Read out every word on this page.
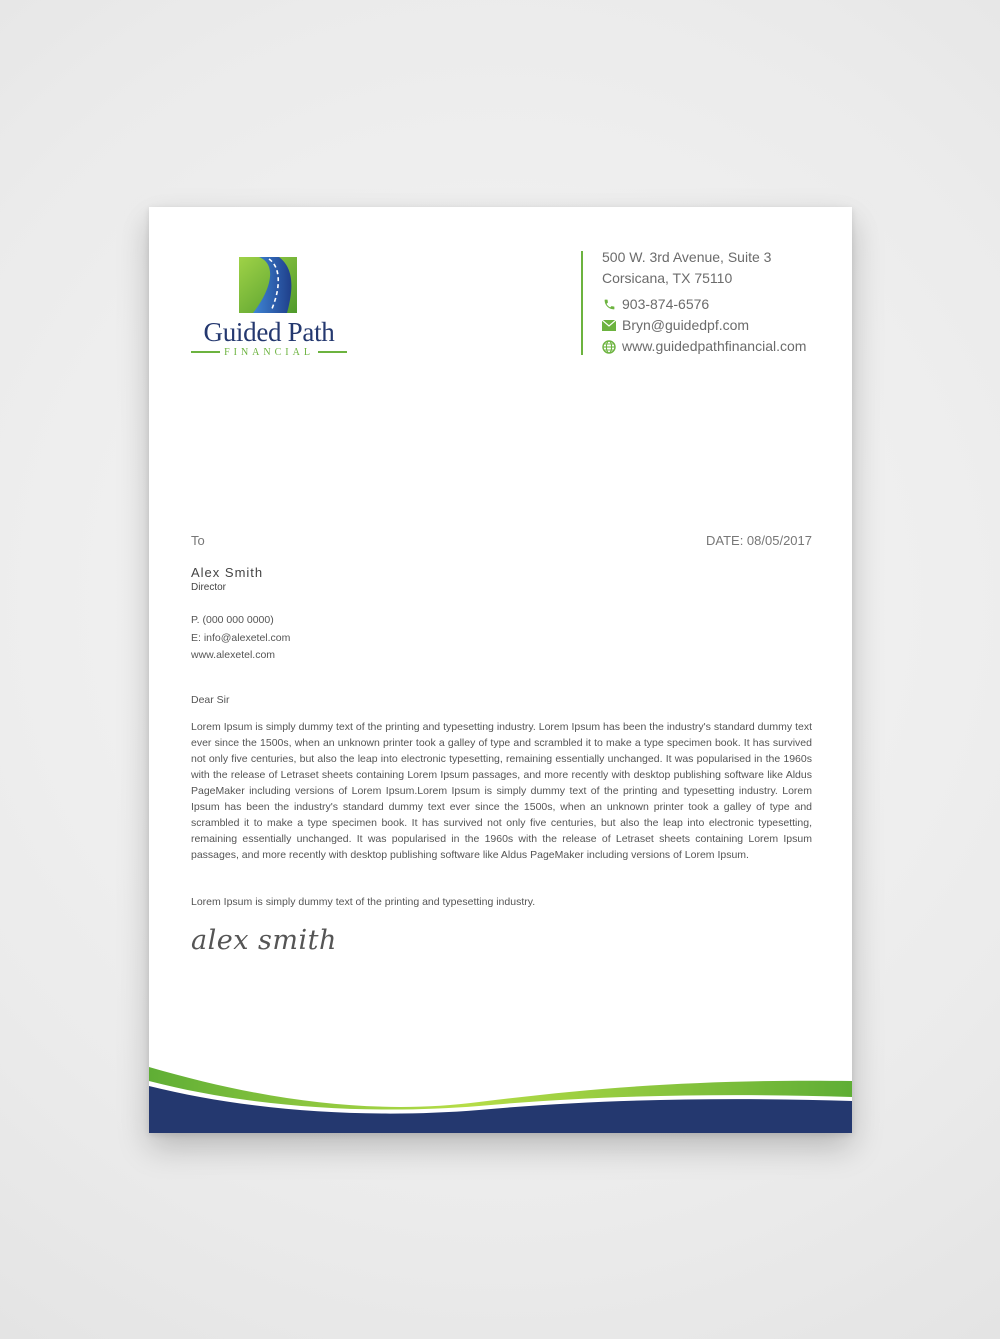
Guided Path
FINANCIAL
500 W. 3rd Avenue, Suite 3
Corsicana, TX 75110
903-874-6576
Bryn@guidedpf.com
www.guidedpathfinancial.com
To	DATE: 08/05/2017
Alex Smith
Director
P. (000 000 0000)
E: info@alexetel.com
www.alexetel.com
Dear Sir

Lorem Ipsum is simply dummy text of the printing and typesetting industry. Lorem Ipsum has been the industry's standard dummy text ever since the 1500s, when an unknown printer took a galley of type and scrambled it to make a type specimen book. It has survived not only five centuries, but also the leap into electronic typesetting, remaining essentially unchanged. It was popularised in the 1960s with the release of Letraset sheets containing Lorem Ipsum passages, and more recently with desktop publishing software like Aldus PageMaker including versions of Lorem Ipsum.Lorem Ipsum is simply dummy text of the printing and typesetting industry. Lorem Ipsum has been the industry's standard dummy text ever since the 1500s, when an unknown printer took a galley of type and scrambled it to make a type specimen book. It has survived not only five centuries, but also the leap into electronic typesetting, remaining essentially unchanged. It was popularised in the 1960s with the release of Letraset sheets containing Lorem Ipsum passages, and more recently with desktop publishing software like Aldus PageMaker including versions of Lorem Ipsum.

Lorem Ipsum is simply dummy text of the printing and typesetting industry.
alex smith
